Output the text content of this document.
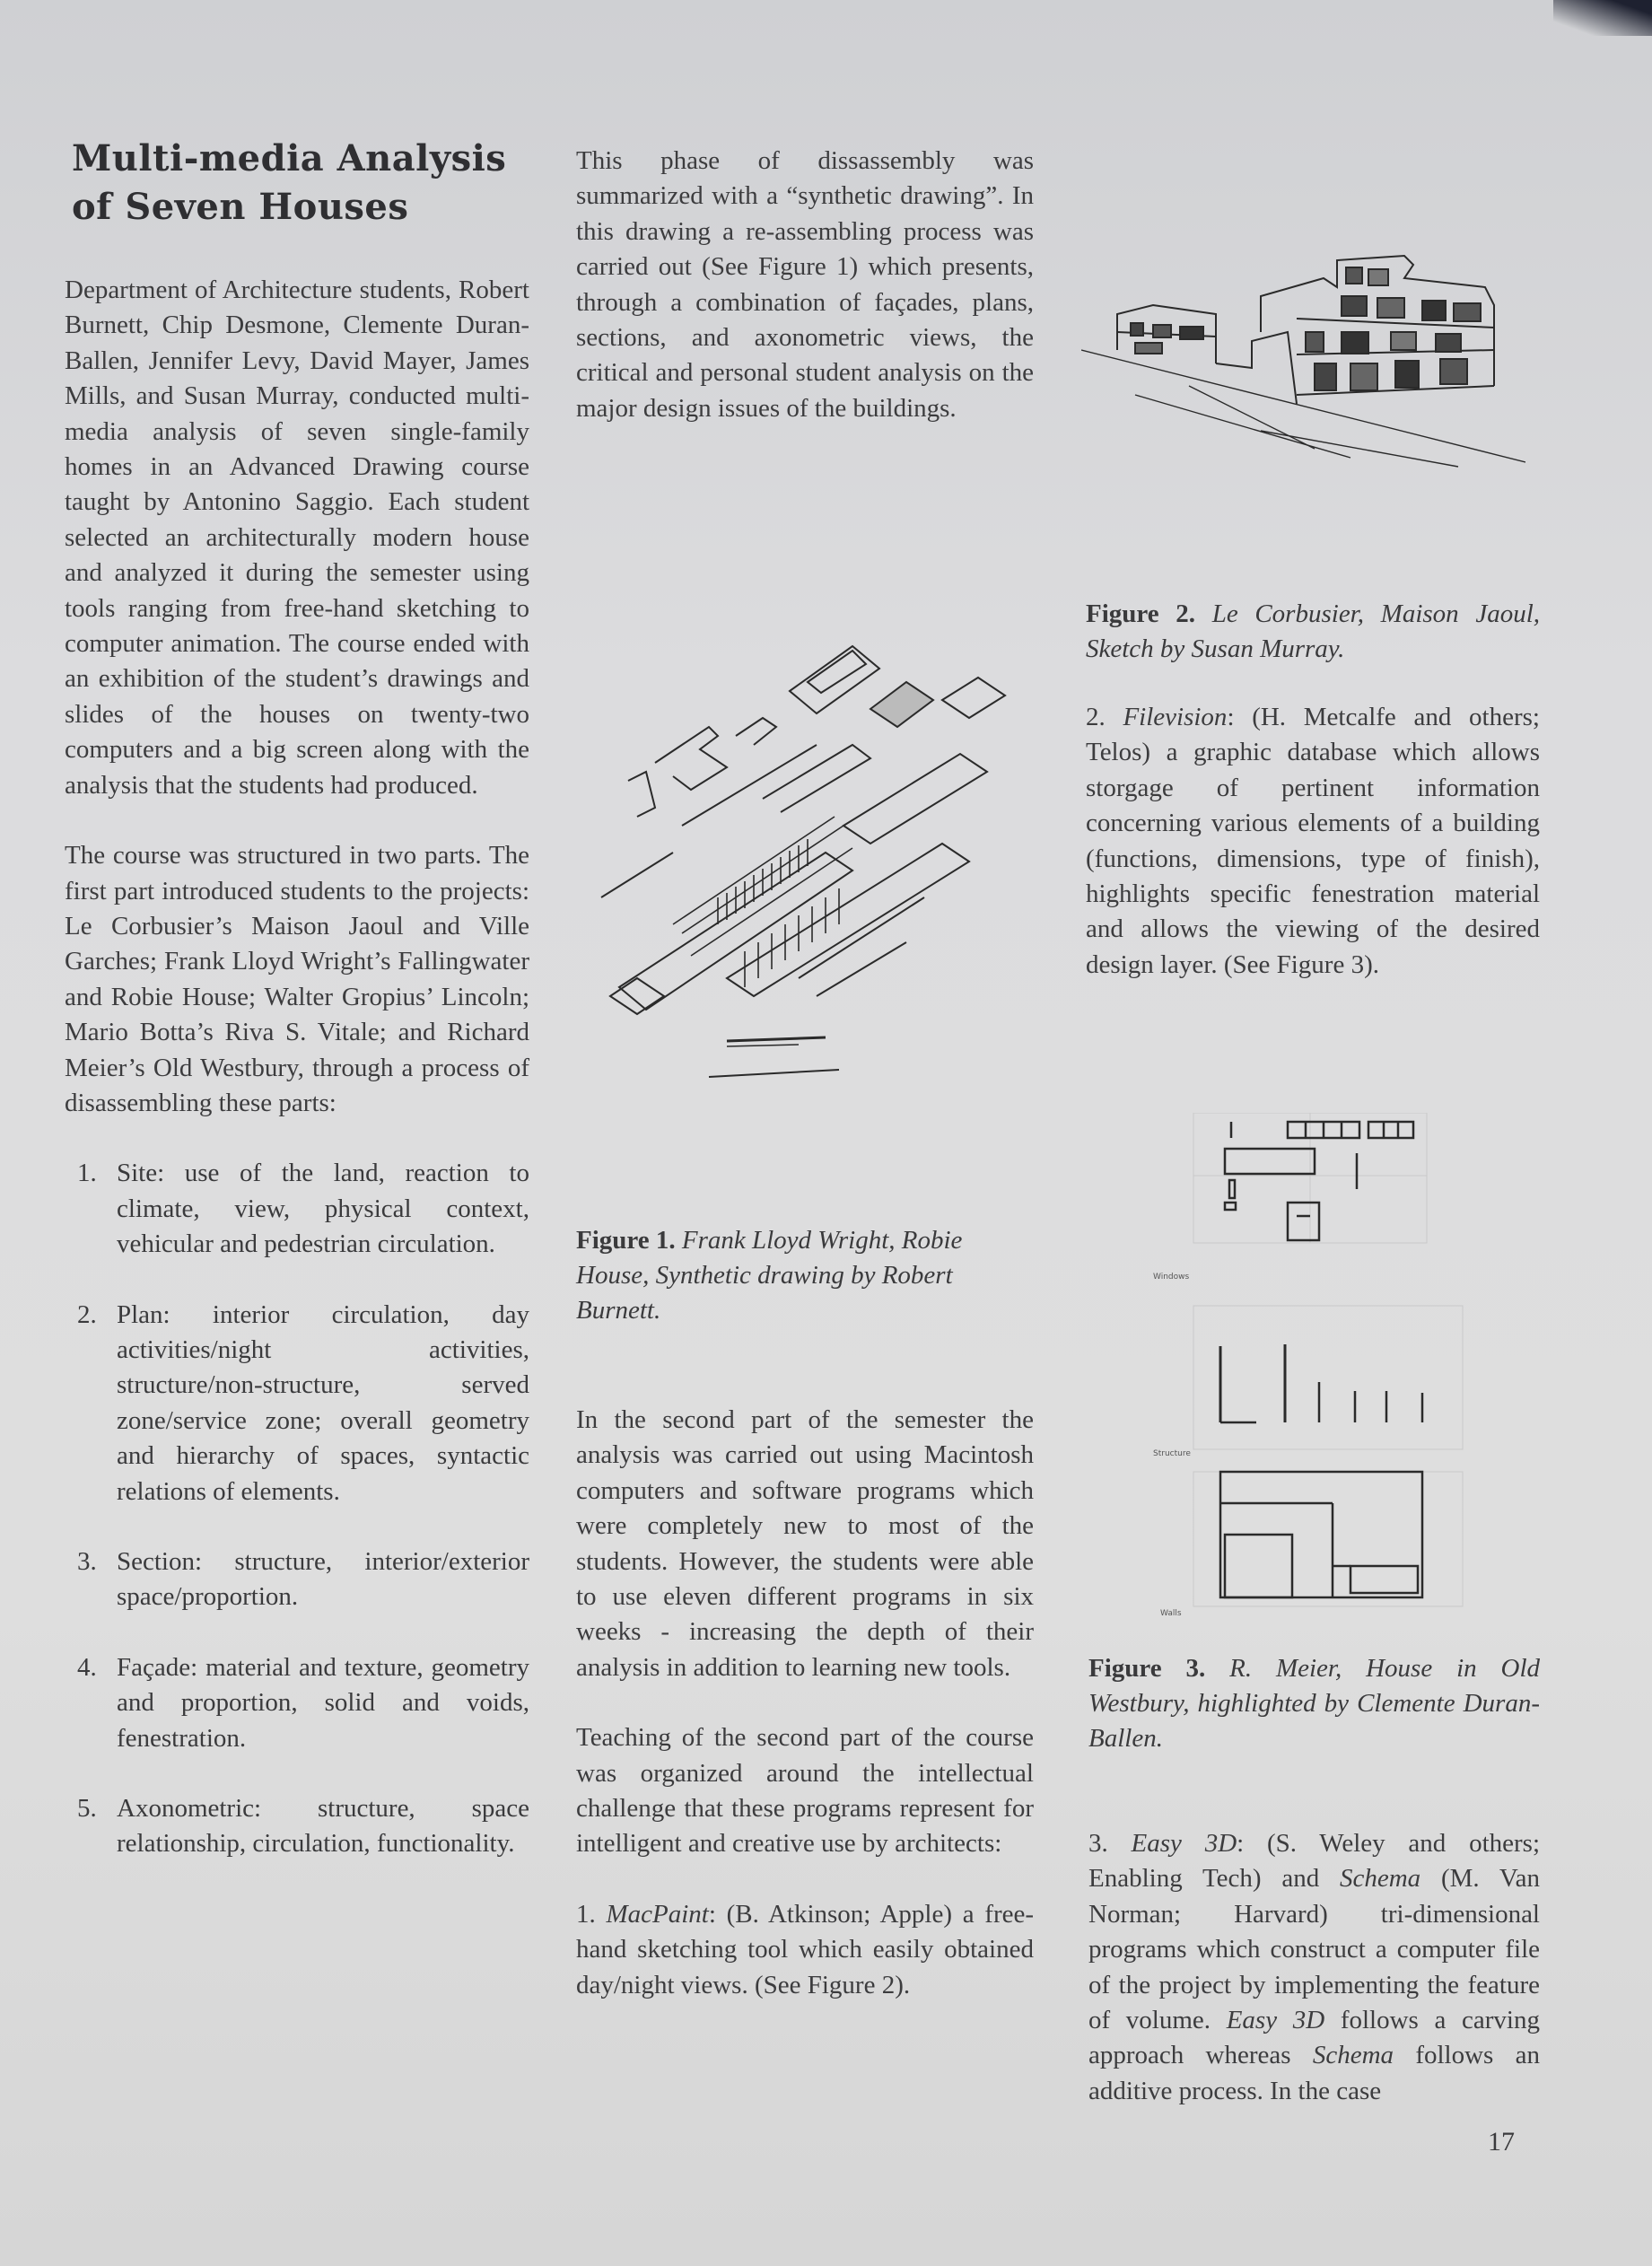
Multi-media Analysis
of Seven Houses

Department of Architecture students, Robert Burnett, Chip Desmone, Clemente Duran-Ballen, Jennifer Levy, David Mayer, James Mills, and Susan Murray, conducted multi-media analysis of seven single-family homes in an Advanced Drawing course taught by Antonino Saggio. Each student selected an architecturally modern house and analyzed it during the semester using tools ranging from free-hand sketching to computer animation. The course ended with an exhibition of the student’s drawings and slides of the houses on twenty-two computers and a big screen along with the analysis that the students had produced.

The course was structured in two parts. The first part introduced students to the projects: Le Corbusier’s Maison Jaoul and Ville Garches; Frank Lloyd Wright’s Fallingwater and Robie House; Walter Gropius’ Lincoln; Mario Botta’s Riva S. Vitale; and Richard Meier’s Old Westbury, through a process of disassembling these parts:

1. Site: use of the land, reaction to climate, view, physical context, vehicular and pedestrian circulation.
2. Plan: interior circulation, day activities/night activities, structure/non-structure, served zone/service zone; overall geometry and hierarchy of spaces, syntactic relations of elements.
3. Section: structure, interior/exterior space/proportion.
4. Façade: material and texture, geometry and proportion, solid and voids, fenestration.
5. Axonometric: structure, space relationship, circulation, functionality.

This phase of dissassembly was summarized with a “synthetic drawing”. In this drawing a re-assembling process was carried out (See Figure 1) which presents, through a combination of façades, plans, sections, and axonometric views, the critical and personal student analysis on the major design issues of the buildings.

Figure 1. Frank Lloyd Wright, Robie House, Synthetic drawing by Robert Burnett.

In the second part of the semester the analysis was carried out using Macintosh computers and software programs which were completely new to most of the students. However, the students were able to use eleven different programs in six weeks - increasing the depth of their analysis in addition to learning new tools.

Teaching of the second part of the course was organized around the intellectual challenge that these programs represent for intelligent and creative use by architects:

1. MacPaint: (B. Atkinson; Apple) a free-hand sketching tool which easily obtained day/night views. (See Figure 2).

Figure 2. Le Corbusier, Maison Jaoul, Sketch by Susan Murray.

2. Filevision: (H. Metcalfe and others; Telos) a graphic database which allows storgage of pertinent information concerning various elements of a building (functions, dimensions, type of finish), highlights specific fenestration material and allows the viewing of the desired design layer. (See Figure 3).

Windows
Structure
Walls

Figure 3. R. Meier, House in Old Westbury, highlighted by Clemente Duran-Ballen.

3. Easy 3D: (S. Weley and others; Enabling Tech) and Schema (M. Van Norman; Harvard) tri-dimensional programs which construct a computer file of the project by implementing the feature of volume. Easy 3D follows a carving approach whereas Schema follows an additive process. In the case

17
